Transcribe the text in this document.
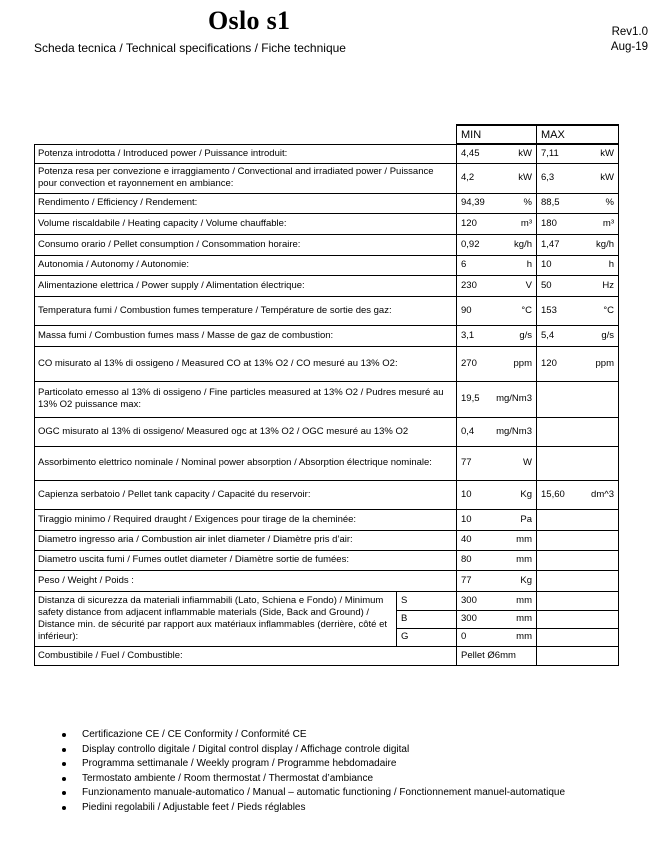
Oslo s1
Scheda tecnica / Technical specifications / Fiche technique
Rev1.0
Aug-19
		MIN	MAX
Potenza introdotta / Introduced power / Puissance introduit:		4,45 kW	7,11 kW

Potenza resa per convezione e irraggiamento / Convectional and irradiated power / Puissance pour convection et rayonnement en ambiance:		4,2 kW	6,3 kW

Rendimento / Efficiency / Rendement:		94,39 %	88,5 %

Volume riscaldabile / Heating capacity / Volume chauffable:		120 m³	180 m³

Consumo orario / Pellet consumption / Consommation horaire:		0,92 kg/h	1,47 kg/h

Autonomia / Autonomy / Autonomie:		6 h	10 h

Alimentazione elettrica / Power supply / Alimentation électrique:		230 V	50 Hz

Temperatura fumi / Combustion fumes temperature / Température de sortie des gaz:		90 °C	153 °C

Massa fumi / Combustion fumes mass / Masse de gaz de combustion:		3,1 g/s	5,4 g/s

CO misurato al 13% di ossigeno / Measured CO at 13% O2 / CO mesuré au 13% O2:		270 ppm	120 ppm

Particolato emesso al 13% di ossigeno / Fine particles measured at 13% O2 / Pudres mesuré au 13% O2 puissance max:		19,5 mg/Nm3	

OGC misurato al 13% di ossigeno/ Measured ogc at 13% O2 / OGC mesuré au 13% O2		0,4 mg/Nm3	

Assorbimento elettrico nominale / Nominal power absorption / Absorption électrique nominale:		77 W	

Capienza serbatoio / Pellet tank capacity / Capacité du reservoir:		10 Kg	15,60 dm^3

Tiraggio minimo / Required draught / Exigences pour tirage de la cheminée:		10 Pa	

Diametro ingresso aria / Combustion air inlet diameter / Diamètre pris d’air:		40 mm	

Diametro uscita fumi / Fumes outlet diameter / Diamètre sortie de fumées:		80 mm	

Peso / Weight / Poids :		77 Kg	

Distanza di sicurezza da materiali infiammabili (Lato, Schiena e Fondo) / Minimum safety distance from adjacent inflammable materials (Side, Back and Ground) / Distance min. de sécurité par rapport aux matériaux inflammables (derrière, côté et inférieur):	S	300 mm	

	B	300 mm	

	G	0 mm	

Combustibile / Fuel / Combustible:		Pellet Ø6mm	
Certificazione CE / CE Conformity / Conformité CE
Display controllo digitale / Digital control display / Affichage controle digital
Programma settimanale / Weekly program / Programme hebdomadaire
Termostato ambiente / Room thermostat / Thermostat d’ambiance
Funzionamento manuale-automatico / Manual – automatic functioning / Fonctionnement manuel-automatique
Piedini regolabili / Adjustable feet / Pieds réglables
